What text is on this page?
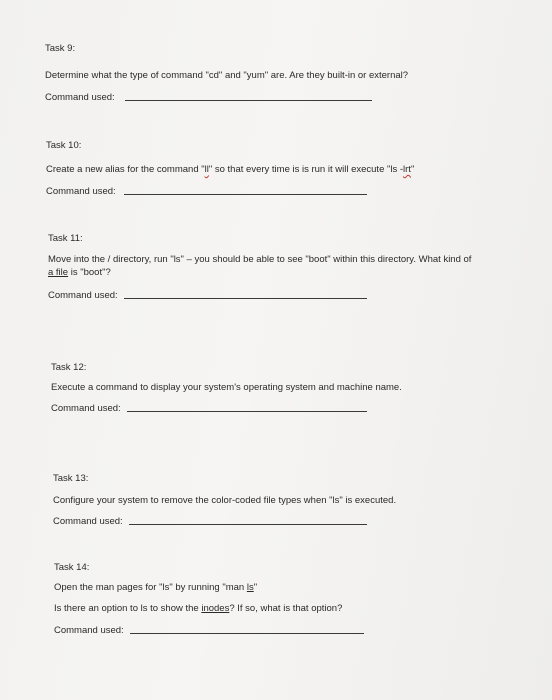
Task 9:
Determine what the type of command "cd" and "yum" are. Are they built-in or external?
Command used:
Task 10:
Create a new alias for the command "ll" so that every time is is run it will execute "ls -lrt"
Command used:
Task 11:
Move into the / directory, run "ls" – you should be able to see "boot" within this directory. What kind of
a file is "boot"?
Command used:
Task 12:
Execute a command to display your system's operating system and machine name.
Command used:
Task 13:
Configure your system to remove the color-coded file types when "ls" is executed.
Command used:
Task 14:
Open the man pages for "ls" by running "man ls"
Is there an option to ls to show the inodes? If so, what is that option?
Command used:
